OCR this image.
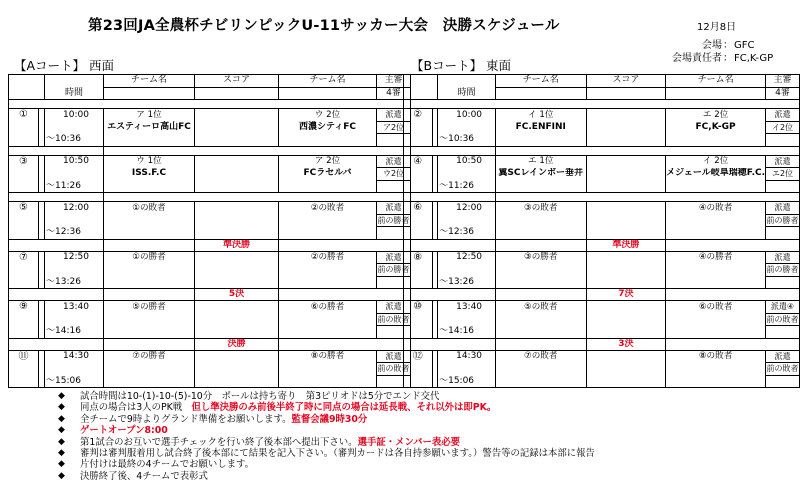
第23回JA全農杯チビリンピックU-11サッカー大会　決勝スケジュール	12月8日
会場：GFC
会場責任者：FC,K-GP
【Aコート】 西面	【Bコート】 東面
			チーム名	スコア	チーム名	主審
		時間				4審

①		10:00	ア 1位		ウ 2位	派遣
			エスティーロ高山FC		西濃シティFC	ア2位
		～10:36				

③		10:50	ウ 1位		ア 2位	派遣
			ISS.F.C		FCラセルバ	ウ2位
		～11:26				

⑤		12:00	①の敗者		②の敗者	派遣
						前の勝者
		～12:36				
				準決勝		
⑦		12:50	①の勝者		②の勝者	派遣
						前の勝者
		～13:26				
				5決		
⑨		13:40	⑤の勝者		⑥の勝者	派遣
						前の敗者
		～14:16				
				決勝		
⑪		14:30	⑦の勝者		⑧の勝者	派遣
						前の敗者
		～15:06				
			チーム名	スコア	チーム名	主審
		時間				4審

②		10:00	イ 1位		エ 2位	派遣
			FC.ENFINI		FC,K-GP	イ2位
		～10:36				

④		10:50	エ 1位		イ 2位	派遣
			翼SCレインボー垂井		メジェール岐阜瑞穂F.C.	エ2位
		～11:26				

⑥		12:00	③の敗者		④の敗者	派遣
						前の勝者
		～12:36				
				準決勝		
⑧		12:50	③の勝者		④の勝者	派遣
						前の勝者
		～13:26				
				7決		
⑩		13:40	⑤の敗者		⑥の敗者	派遣④
						前の敗者
		～14:16				
				3決		
⑫		14:30	⑦の敗者		⑧の敗者	派遣
						前の敗者
		～15:06				
◆ 試合時間は10-(1)-10-(5)-10分　ボールは持ち寄り　第3ピリオドは5分でエンド交代
◆ 同点の場合は3人のPK戦　但し準決勝のみ前後半終了時に同点の場合は延長戦、それ以外は即PK。
◆ 全チームで9時よりグランド準備をお願いします。監督会議9時30分
◆ ゲートオープン8:00
◆ 第1試合のお互いで選手チェックを行い終了後本部へ提出下さい。選手証・メンバー表必要
◆ 審判は審判服着用し試合終了後本部にて結果を記入下さい。（審判カードは各自持参願います。）警告等の記録は本部に報告
◆ 片付けは最終の4チームでお願いします。
◆ 決勝終了後、4チームで表彰式
